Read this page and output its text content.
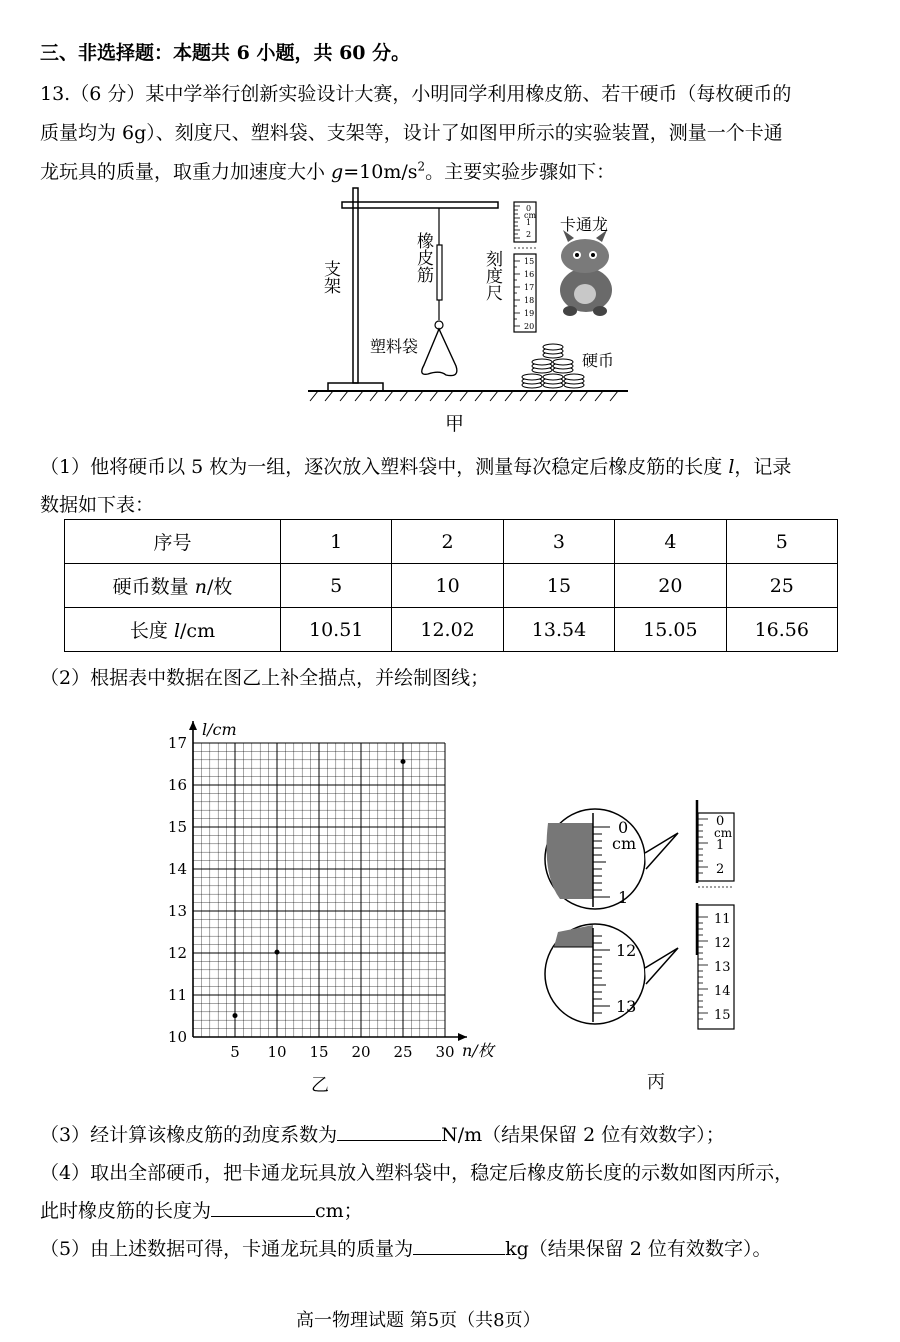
三、非选择题：本题共 6 小题，共 60 分。
13.（6 分）某中学举行创新实验设计大赛，小明同学利用橡皮筋、若干硬币（每枚硬币的
质量均为 6g）、刻度尺、塑料袋、支架等，设计了如图甲所示的实验装置，测量一个卡通
龙玩具的质量，取重力加速度大小 $g=10m/s^2$。主要实验步骤如下：
0
cm
1
2
15
16
17
18
19
20
支架	橡皮筋	刻度尺
塑料袋
硬币
卡通龙
甲
（1）他将硬币以 5 枚为一组，逐次放入塑料袋中，测量每次稳定后橡皮筋的长度 l，记录
数据如下表：
序号	1	2	3	4	5
硬币数量 n/枚	5	10	15	20	25
长度 l/cm	10.51	12.02	13.54	15.05	16.56
（2）根据表中数据在图乙上补全描点，并绘制图线；
5 10 15 20 25 30
10
11
12
13
14
15
16
17
l/cm
n/枚
乙
0
cm
1
12
13
0
cm
1
2
11
12
13
14
15
丙
（3）经计算该橡皮筋的劲度系数为	N/m（结果保留 2 位有效数字）；
（4）取出全部硬币，把卡通龙玩具放入塑料袋中，稳定后橡皮筋长度的示数如图丙所示，
此时橡皮筋的长度为	cm；
（5）由上述数据可得，卡通龙玩具的质量为	kg（结果保留 2 位有效数字）。
高一物理试题 第5页（共8页）
